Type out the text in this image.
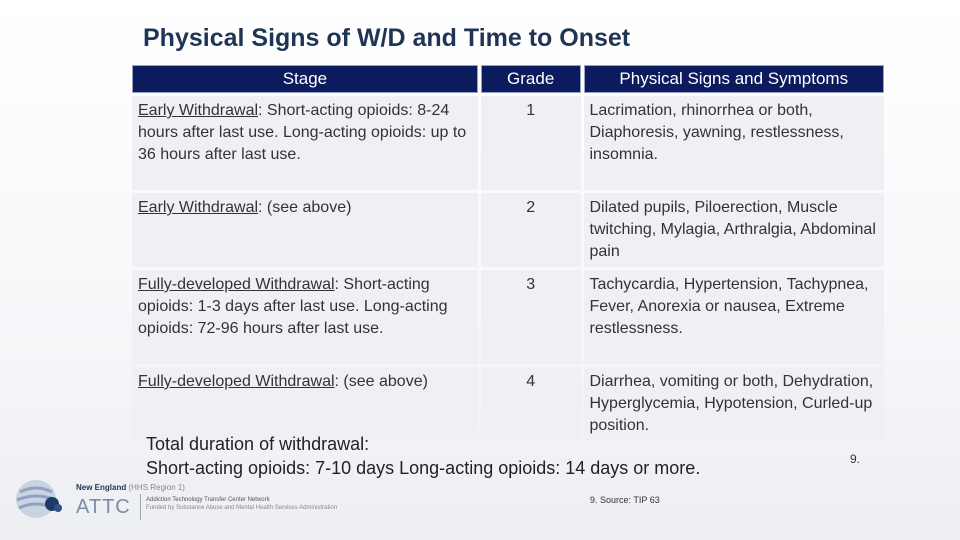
Physical Signs of W/D and Time to Onset
Stage	Grade	Physical Signs and Symptoms
Early Withdrawal: Short-acting opioids: 8-24 hours after last use. Long-acting opioids: up to 36 hours after last use.	1	Lacrimation, rhinorrhea or both, Diaphoresis, yawning, restlessness, insomnia.
Early Withdrawal: (see above)	2	Dilated pupils, Piloerection, Muscle twitching, Mylagia, Arthralgia, Abdominal pain
Fully-developed Withdrawal: Short-acting opioids: 1-3 days after last use. Long-acting opioids: 72-96 hours after last use.	3	Tachycardia, Hypertension, Tachypnea, Fever, Anorexia or nausea, Extreme restlessness.
Fully-developed Withdrawal: (see above)	4	Diarrhea, vomiting or both, Dehydration, Hyperglycemia, Hypotension, Curled-up position.
Total duration of withdrawal:
Short-acting opioids: 7-10 days Long-acting opioids: 14 days or more.	9.
9. Source: TIP 63
New England (HHS Region 1)
ATTC	Addiction Technology Transfer Center Network
Funded by Substance Abuse and Mental Health Services Administration
